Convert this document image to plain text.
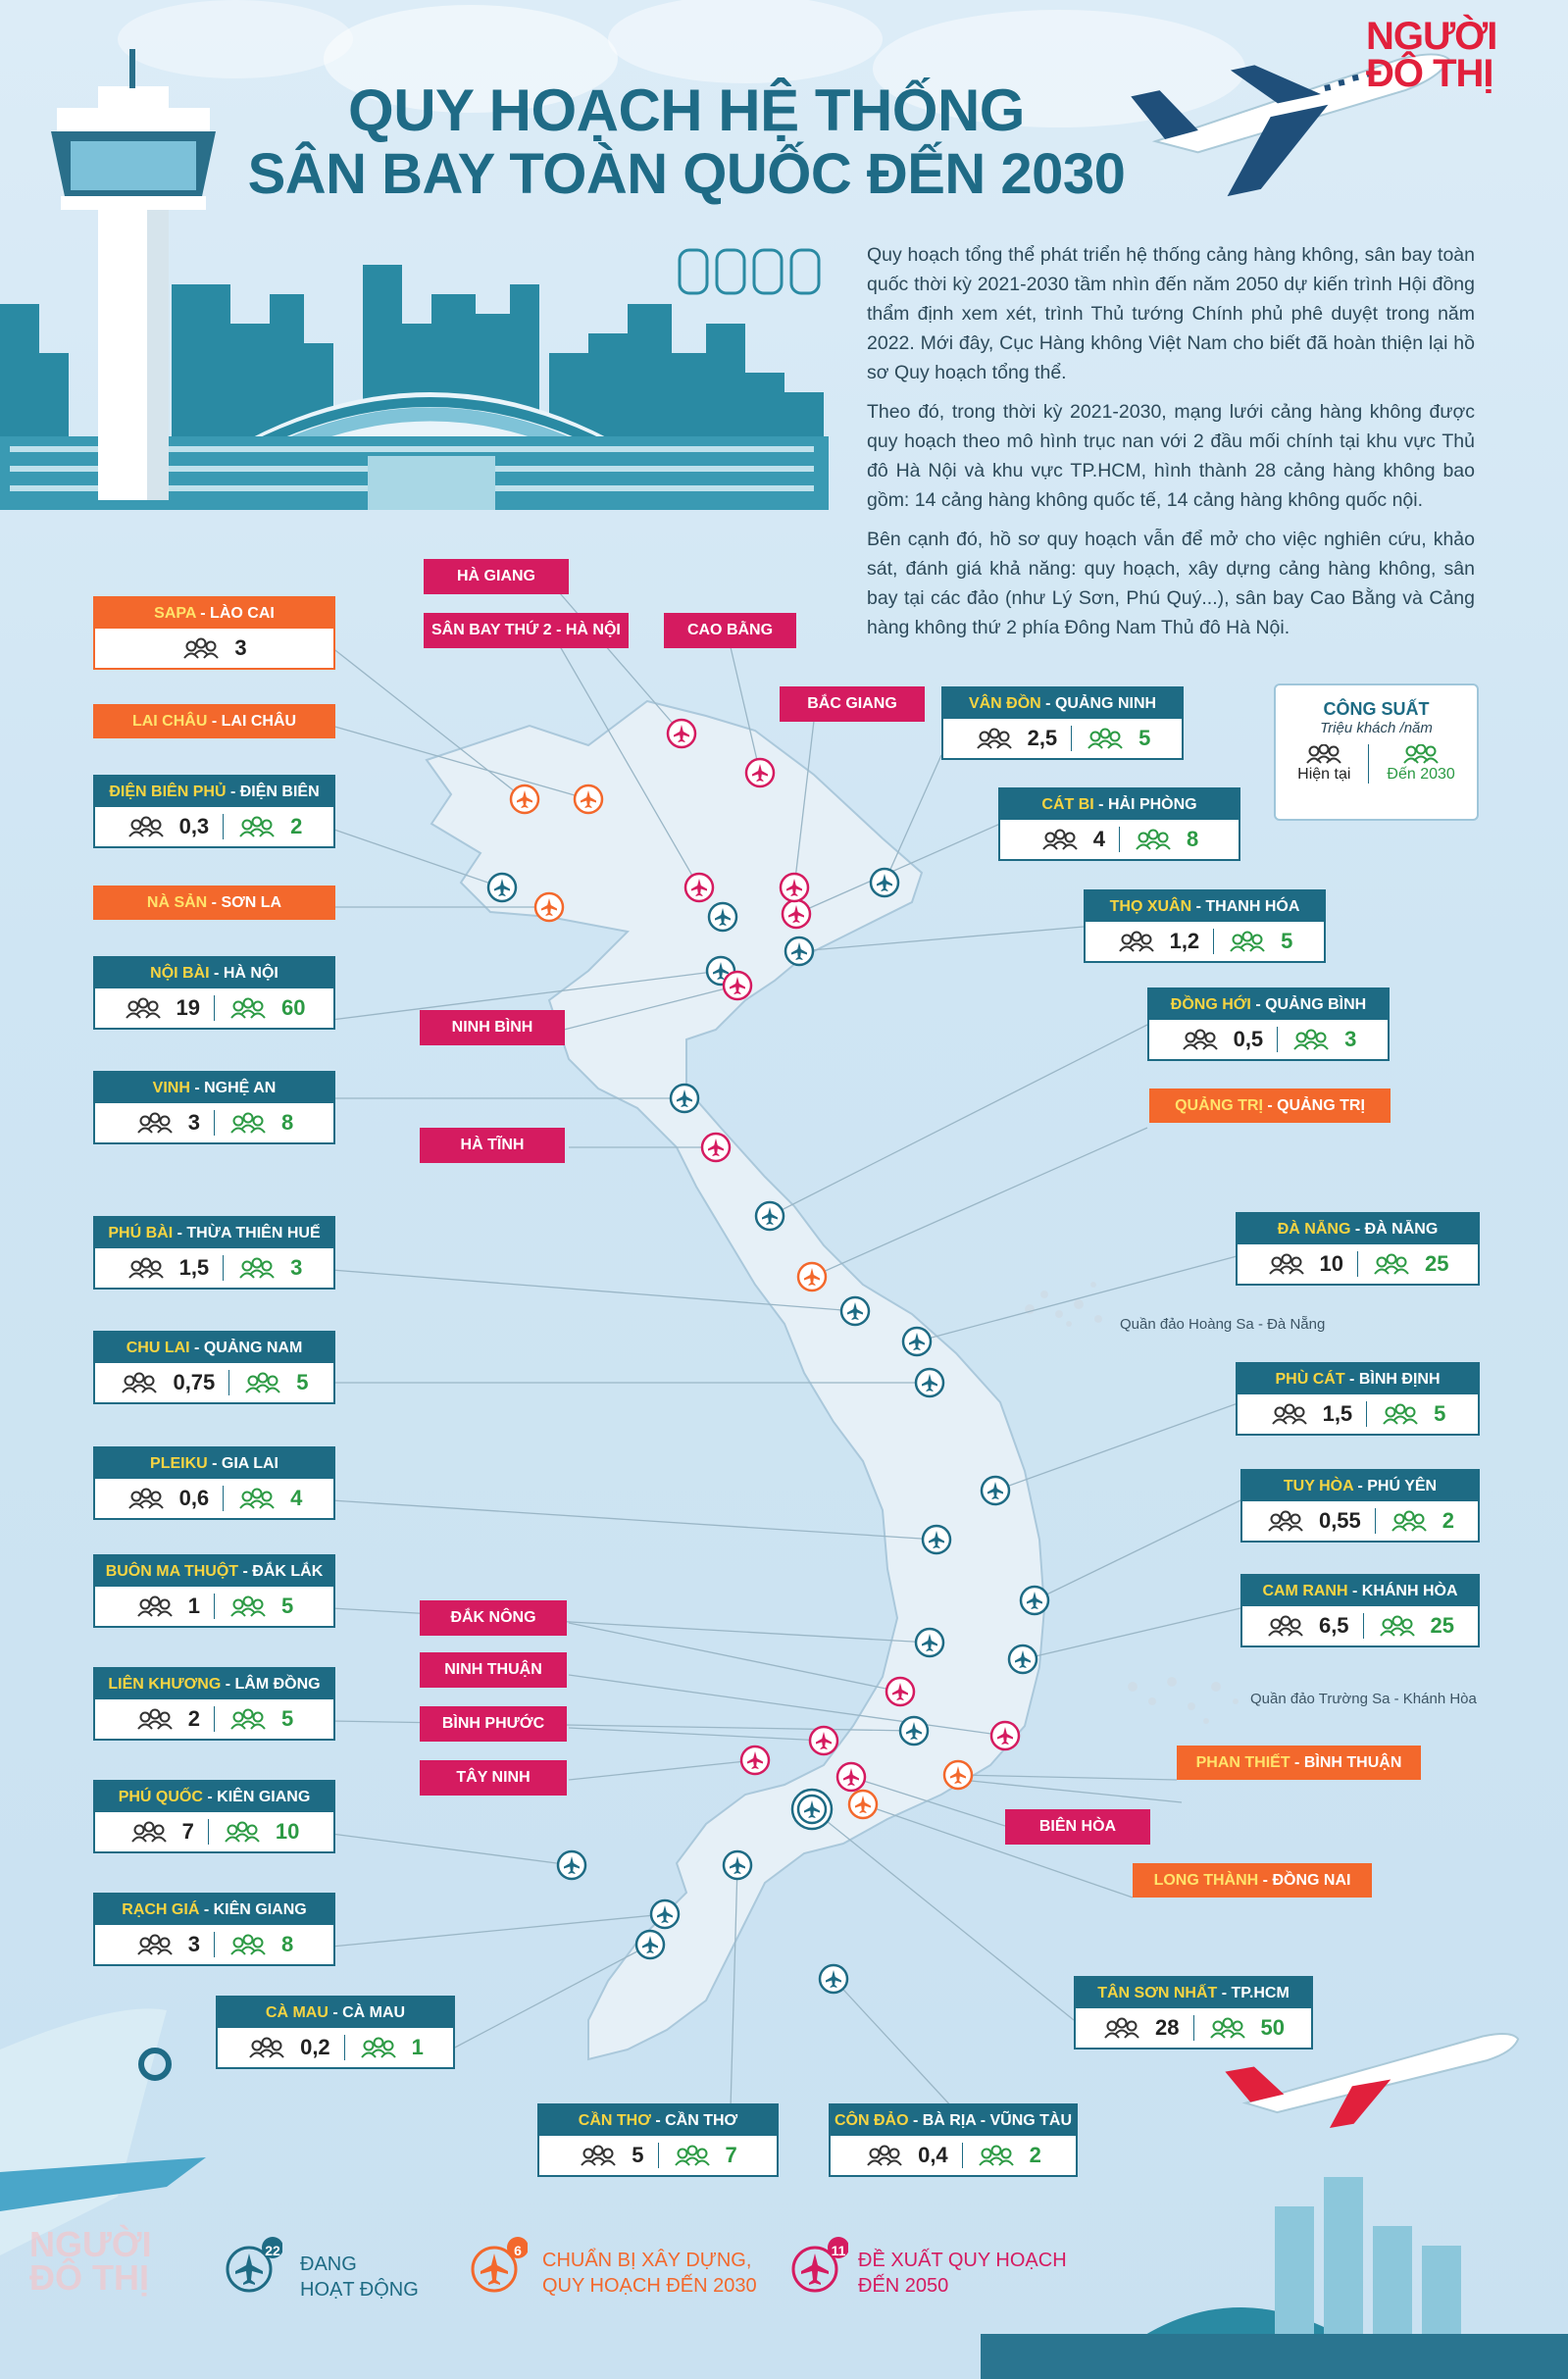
NGƯỜI
ĐÔ THỊ
QUY HOẠCH HỆ THỐNG
SÂN BAY TOÀN QUỐC ĐẾN 2030

Quy hoạch tổng thể phát triển hệ thống cảng hàng không, sân bay toàn quốc thời kỳ 2021-2030 tầm nhìn đến năm 2050 dự kiến trình Hội đồng thẩm định xem xét, trình Thủ tướng Chính phủ phê duyệt trong năm 2022. Mới đây, Cục Hàng không Việt Nam cho biết đã hoàn thiện lại hồ sơ Quy hoạch tổng thể.

Theo đó, trong thời kỳ 2021-2030, mạng lưới cảng hàng không được quy hoạch theo mô hình trục nan với 2 đầu mối chính tại khu vực Thủ đô Hà Nội và khu vực TP.HCM, hình thành 28 cảng hàng không bao gồm: 14 cảng hàng không quốc tế, 14 cảng hàng không quốc nội.

Bên cạnh đó, hồ sơ quy hoạch vẫn để mở cho việc nghiên cứu, khảo sát, đánh giá khả năng: quy hoạch, xây dựng cảng hàng không, sân bay tại các đảo (như Lý Sơn, Phú Quý...), sân bay Cao Bằng và Cảng hàng không thứ 2 phía Đông Nam Thủ đô Hà Nội.

CÔNG SUẤT
Triệu khách /năm
Hiện tại Đến 2030
SAPA - LÀO CAI
3
LAI CHÂU - LAI CHÂU
ĐIỆN BIÊN PHỦ - ĐIỆN BIÊN
0,3	2
NÀ SẢN - SƠN LA
NỘI BÀI - HÀ NỘI
19	60
VINH - NGHỆ AN
3	8
PHÚ BÀI - THỪA THIÊN HUẾ
1,5	3
CHU LAI - QUẢNG NAM
0,75	5
PLEIKU - GIA LAI
0,6	4
BUÔN MA THUỘT - ĐẮK LẮK
1	5
LIÊN KHƯƠNG - LÂM ĐỒNG
2	5
PHÚ QUỐC - KIÊN GIANG
7	10
RẠCH GIÁ - KIÊN GIANG
3	8
CÀ MAU - CÀ MAU
0,2	1
CẦN THƠ - CẦN THƠ
5	7
CÔN ĐẢO - BÀ RỊA - VŨNG TÀU
0,4	2
TÂN SƠN NHẤT - TP.HCM
28	50
LONG THÀNH - ĐỒNG NAI
PHAN THIẾT - BÌNH THUẬN
CAM RANH - KHÁNH HÒA
6,5	25
TUY HÒA - PHÚ YÊN
0,55	2
PHÙ CÁT - BÌNH ĐỊNH
1,5	5
ĐÀ NẴNG - ĐÀ NẴNG
10	25
QUẢNG TRỊ - QUẢNG TRỊ
ĐỒNG HỚI - QUẢNG BÌNH
0,5	3
THỌ XUÂN - THANH HÓA
1,2	5
CÁT BI - HẢI PHÒNG
4	8
VÂN ĐỒN - QUẢNG NINH
2,5	5
HÀ GIANG
SÂN BAY THỨ 2 - HÀ NỘI	CAO BẰNG
BẮC GIANG
NINH BÌNH
HÀ TĨNH
ĐẮK NÔNG
NINH THUẬN
BÌNH PHƯỚC
TÂY NINH
BIÊN HÒA
Quần đảo Hoàng Sa - Đà Nẵng
Quần đảo Trường Sa - Khánh Hòa
22
ĐANG
HOẠT ĐỘNG
6	CHUẨN BỊ XÂY DỰNG,
QUY HOẠCH ĐẾN 2030
11 ĐỀ XUẤT QUY HOẠCH
ĐẾN 2050
NGƯỜI
ĐÔ THỊ
